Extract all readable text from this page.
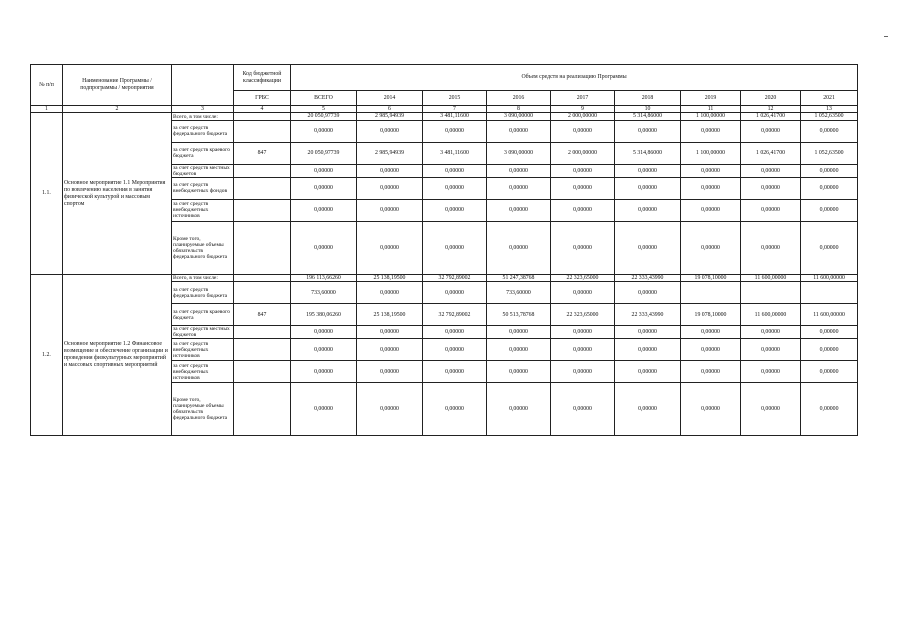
№ п/п	Наименование Программы / подпрограммы / мероприятия		Код бюджетной классификации	Объем средств на реализацию Программы								
			ГРБС	ВСЕГО	2014	2015	2016	2017	2018	2019	2020	2021
1	2	3	4	5	6	7	8	9	10	11	12	13
1.1.	Основное мероприятие 1.1 Мероприятия по вовлечению населения в занятия физической культурой и массовым спортом	Всего, в том числе:		20 050,97739	2 985,94939	3 481,11600	3 090,00000	2 000,00000	5 314,86000	1 100,00000	1 026,41700	1 052,63500
		за счет средств федерального бюджета		0,00000	0,00000	0,00000	0,00000	0,00000	0,00000	0,00000	0,00000	0,00000
		за счет средств краевого бюджета	847	20 050,97739	2 985,94939	3 481,11600	3 090,00000	2 000,00000	5 314,86000	1 100,00000	1 026,41700	1 052,63500
		за счет средств местных бюджетов		0,00000	0,00000	0,00000	0,00000	0,00000	0,00000	0,00000	0,00000	0,00000
		за счет средств внебюджетных фондов		0,00000	0,00000	0,00000	0,00000	0,00000	0,00000	0,00000	0,00000	0,00000
		за счет средств внебюджетных источников		0,00000	0,00000	0,00000	0,00000	0,00000	0,00000	0,00000	0,00000	0,00000
		Кроме того, планируемые объемы обязательств федерального бюджета		0,00000	0,00000	0,00000	0,00000	0,00000	0,00000	0,00000	0,00000	0,00000
1.2.	Основное мероприятие 1.2 Финансовое возмещение и обеспечение организации и проведения физкультурных мероприятий и массовых спортивных мероприятий	Всего, в том числе:		196 113,66260	25 138,19500	32 792,89002	51 247,38768	22 323,65000	22 333,43990	19 078,10000	11 600,00000	11 600,00000
		за счет средств федерального бюджета		733,60000	0,00000	0,00000	733,60000	0,00000	0,00000			
		за счет средств краевого бюджета	847	195 380,06260	25 138,19500	32 792,89002	50 513,78768	22 323,65000	22 333,43990	19 078,10000	11 600,00000	11 600,00000
		за счет средств местных бюджетов		0,00000	0,00000	0,00000	0,00000	0,00000	0,00000	0,00000	0,00000	0,00000
		за счет средств внебюджетных источников		0,00000	0,00000	0,00000	0,00000	0,00000	0,00000	0,00000	0,00000	0,00000
		за счет средств внебюджетных источников		0,00000	0,00000	0,00000	0,00000	0,00000	0,00000	0,00000	0,00000	0,00000
		Кроме того, планируемые объемы обязательств федерального бюджета		0,00000	0,00000	0,00000	0,00000	0,00000	0,00000	0,00000	0,00000	0,00000
